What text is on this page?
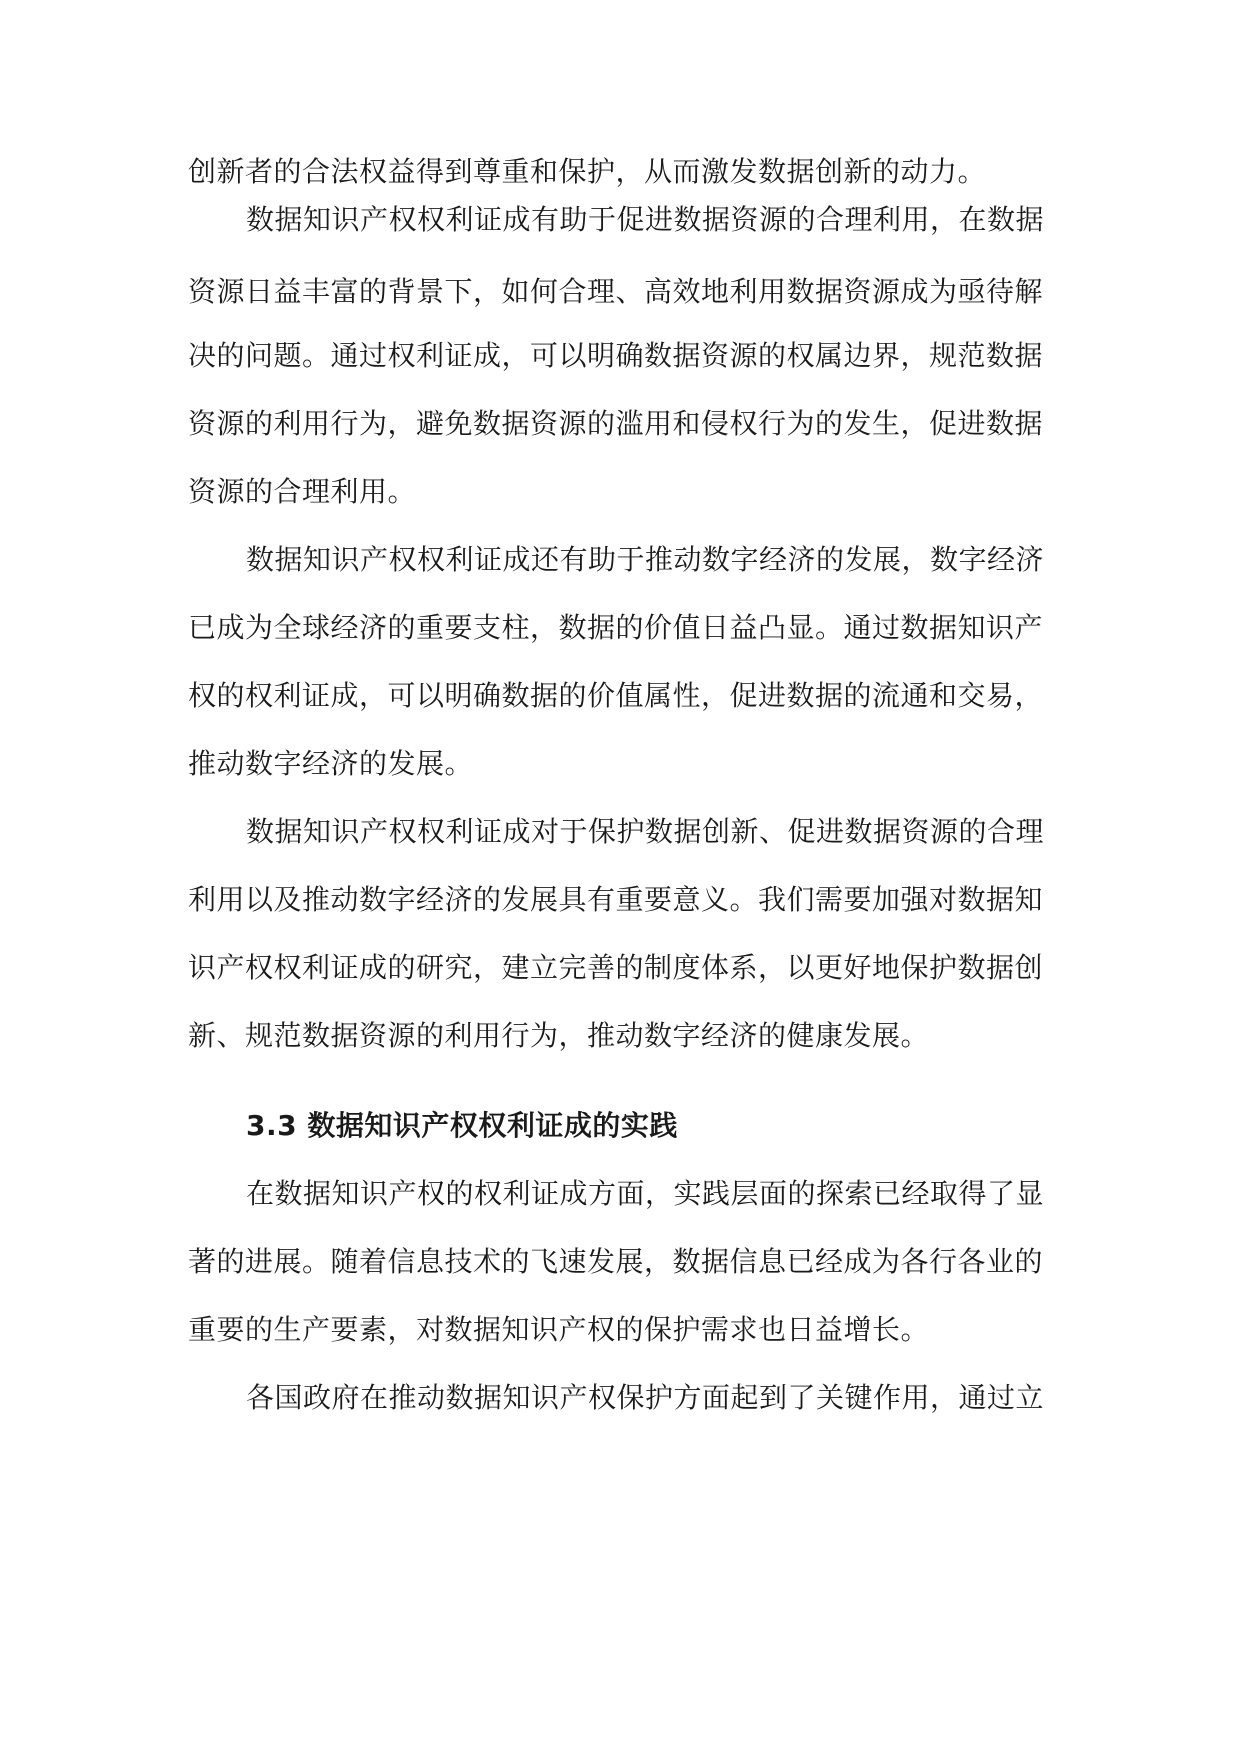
创新者的合法权益得到尊重和保护，从而激发数据创新的动力。
数据知识产权权利证成有助于促进数据资源的合理利用，在数据
资源日益丰富的背景下，如何合理、高效地利用数据资源成为亟待解
决的问题。通过权利证成，可以明确数据资源的权属边界，规范数据
资源的利用行为，避免数据资源的滥用和侵权行为的发生，促进数据
资源的合理利用。
数据知识产权权利证成还有助于推动数字经济的发展，数字经济
已成为全球经济的重要支柱，数据的价值日益凸显。通过数据知识产
权的权利证成，可以明确数据的价值属性，促进数据的流通和交易，
推动数字经济的发展。
数据知识产权权利证成对于保护数据创新、促进数据资源的合理
利用以及推动数字经济的发展具有重要意义。我们需要加强对数据知
识产权权利证成的研究，建立完善的制度体系，以更好地保护数据创
新、规范数据资源的利用行为，推动数字经济的健康发展。
3.3 数据知识产权权利证成的实践
在数据知识产权的权利证成方面，实践层面的探索已经取得了显
著的进展。随着信息技术的飞速发展，数据信息已经成为各行各业的
重要的生产要素，对数据知识产权的保护需求也日益增长。
各国政府在推动数据知识产权保护方面起到了关键作用，通过立
